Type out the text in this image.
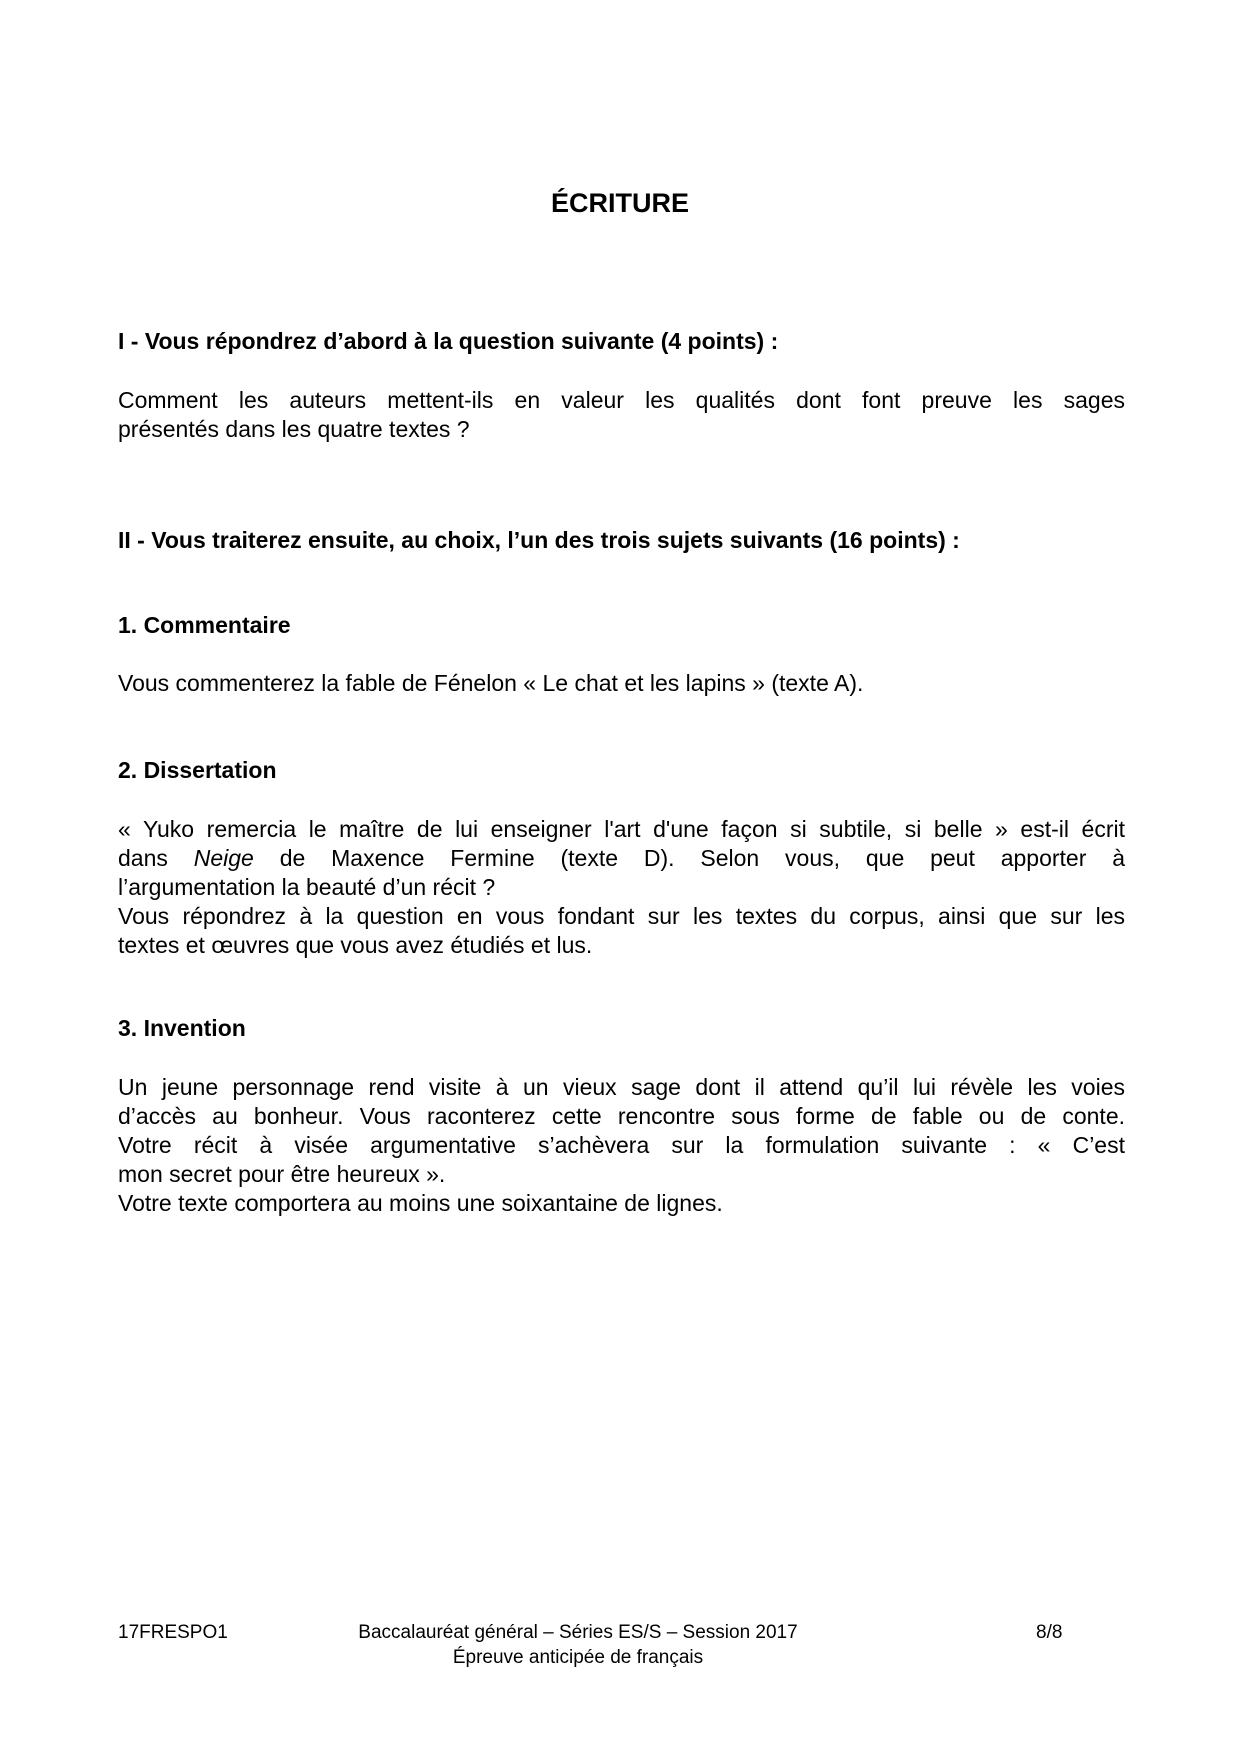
ÉCRITURE

I - Vous répondrez d’abord à la question suivante (4 points) :

Comment les auteurs mettent-ils en valeur les qualités dont font preuve les sages
présentés dans les quatre textes ?

II - Vous traiterez ensuite, au choix, l’un des trois sujets suivants (16 points) :

1. Commentaire

Vous commenterez la fable de Fénelon « Le chat et les lapins » (texte A).

2. Dissertation

« Yuko remercia le maître de lui enseigner l'art d'une façon si subtile, si belle » est-il écrit
dans Neige de Maxence Fermine (texte D). Selon vous, que peut apporter à
l’argumentation la beauté d’un récit ?
Vous répondrez à la question en vous fondant sur les textes du corpus, ainsi que sur les
textes et œuvres que vous avez étudiés et lus.

3. Invention

Un jeune personnage rend visite à un vieux sage dont il attend qu’il lui révèle les voies
d’accès au bonheur. Vous raconterez cette rencontre sous forme de fable ou de conte.
Votre récit à visée argumentative s’achèvera sur la formulation suivante : « C’est
mon secret pour être heureux ».
Votre texte comportera au moins une soixantaine de lignes.

17FRESPO1	Baccalauréat général – Séries ES/S – Session 2017
Épreuve anticipée de français
8/8
